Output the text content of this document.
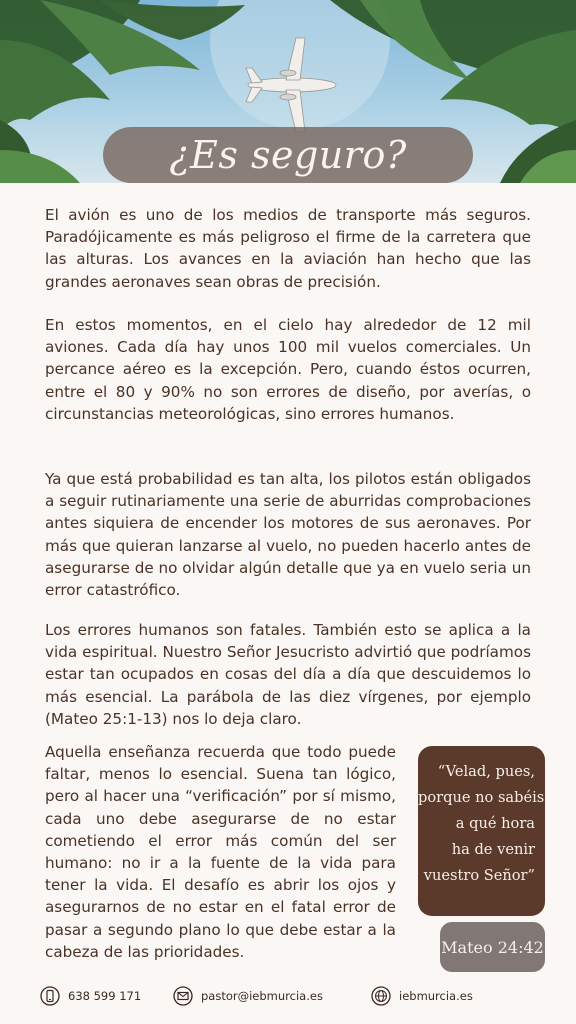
¿Es seguro?
El avión es uno de los medios de transporte más seguros. Paradójicamente es más peligroso el firme de la carretera que las alturas. Los avances en la aviación han hecho que las grandes aeronaves sean obras de precisión.
En estos momentos, en el cielo hay alrededor de 12 mil aviones. Cada día hay unos 100 mil vuelos comerciales. Un percance aéreo es la excepción. Pero, cuando éstos ocurren, entre el 80 y 90% no son errores de diseño, por averías, o circunstancias meteorológicas, sino errores humanos.
Ya que está probabilidad es tan alta, los pilotos están obligados a seguir rutinariamente una serie de aburridas comprobaciones antes siquiera de encender los motores de sus aeronaves. Por más que quieran lanzarse al vuelo, no pueden hacerlo antes de asegurarse de no olvidar algún detalle que ya en vuelo seria un error catastrófico.
Los errores humanos son fatales. También esto se aplica a la vida espiritual. Nuestro Señor Jesucristo advirtió que podríamos estar tan ocupados en cosas del día a día que descuidemos lo más esencial. La parábola de las diez vírgenes, por ejemplo (Mateo 25:1-13) nos lo deja claro.
Aquella enseñanza recuerda que todo puede faltar, menos lo esencial. Suena tan lógico, pero al hacer una “verificación” por sí mismo, cada uno debe asegurarse de no estar cometiendo el error más común del ser humano: no ir a la fuente de la vida para tener la vida. El desafío es abrir los ojos y asegurarnos de no estar en el fatal error de pasar a segundo plano lo que debe estar a la cabeza de las prioridades.
“Velad, pues,
porque no sabéis
a qué hora
ha de venir
vuestro Señor”
Mateo 24:42
638 599 171	pastor@iebmurcia.es	iebmurcia.es
